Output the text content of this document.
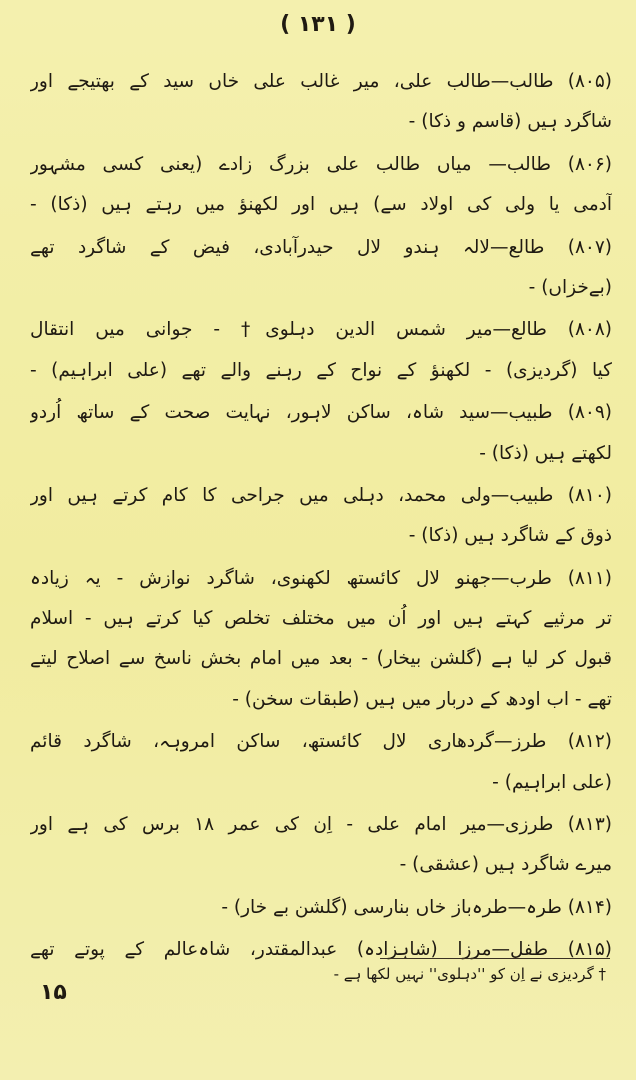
( ۱۳۱ )
(۸۰۵) طالب—طالب علی، میر غالب علی خاں سید کے بھتیجے اور
شاگرد ہیں (قاسم و ذکا) -
(۸۰۶) طالب— میاں طالب علی بزرگ زادے (یعنی کسی مشہور
آدمی یا ولی کی اولاد سے) ہیں اور لکھنؤ میں رہتے ہیں (ذکا) -
(۸۰۷) طالع—لالہ ہندو لال حیدرآبادی، فیض کے شاگرد تھے
(بےخزاں) -
(۸۰۸) طالع—میر شمس الدین دہلوی† - جوانی میں انتقال
کیا (گردیزی) - لکھنؤ کے نواح کے رہنے والے تھے (علی ابراہیم) -
(۸۰۹) طبیب—سید شاہ، ساکن لاہور، نہایت صحت کے ساتھ اُردو
لکھتے ہیں (ذکا) -
(۸۱۰) طبیب—ولی محمد، دہلی میں جراحی کا کام کرتے ہیں اور
ذوق کے شاگرد ہیں (ذکا) -
(۸۱۱) طرب—جھنو لال کائستھ لکھنوی، شاگرد نوازش - یہ زیادہ
تر مرثیے کہتے ہیں اور اُن میں مختلف تخلص کیا کرتے ہیں - اسلام
قبول کر لیا ہے (گلشن بیخار) - بعد میں امام بخش ناسخ سے اصلاح لیتے
تھے - اب اودھ کے دربار میں ہیں (طبقات سخن) -
(۸۱۲) طرز—گردھاری لال کائستھ، ساکن امروہہ، شاگرد قائم
(علی ابراہیم) -
(۸۱۳) طرزی—میر امام علی - اِن کی عمر ۱۸ برس کی ہے اور
میرے شاگرد ہیں (عشقی) -
(۸۱۴) طرہ—طرہ‌باز خاں بنارسی (گلشن بے خار) -
(۸۱۵) طفل—مرزا (شاہزادہ) عبدالمقتدر، شاہ‌عالم کے پوتے تھے
† گردیزی نے اِن کو ''دہلوی'' نہیں لکھا ہے -
۱۵
